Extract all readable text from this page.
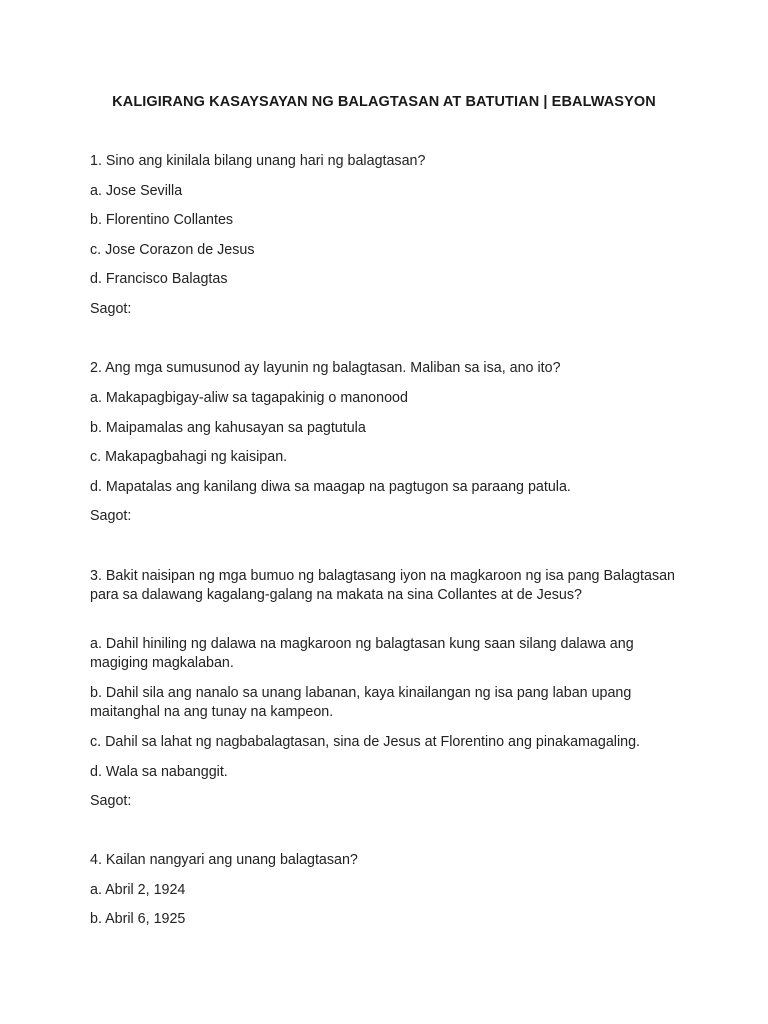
KALIGIRANG KASAYSAYAN NG BALAGTASAN AT BATUTIAN | EBALWASYON
1. Sino ang kinilala bilang unang hari ng balagtasan?
a. Jose Sevilla
b. Florentino Collantes
c. Jose Corazon de Jesus
d. Francisco Balagtas
Sagot:
2. Ang mga sumusunod ay layunin ng balagtasan. Maliban sa isa, ano ito?
a. Makapagbigay-aliw sa tagapakinig o manonood
b. Maipamalas ang kahusayan sa pagtutula
c. Makapagbahagi ng kaisipan.
d. Mapatalas ang kanilang diwa sa maagap na pagtugon sa paraang patula.
Sagot:
3. Bakit naisipan ng mga bumuo ng balagtasang iyon na magkaroon ng isa pang Balagtasan para sa dalawang kagalang-galang na makata na sina Collantes at de Jesus?
a. Dahil hiniling ng dalawa na magkaroon ng balagtasan kung saan silang dalawa ang magiging magkalaban.
b. Dahil sila ang nanalo sa unang labanan, kaya kinailangan ng isa pang laban upang maitanghal na ang tunay na kampeon.
c. Dahil sa lahat ng nagbabalagtasan, sina de Jesus at Florentino ang pinakamagaling.
d. Wala sa nabanggit.
Sagot:
4. Kailan nangyari ang unang balagtasan?
a. Abril 2, 1924
b. Abril 6, 1925
